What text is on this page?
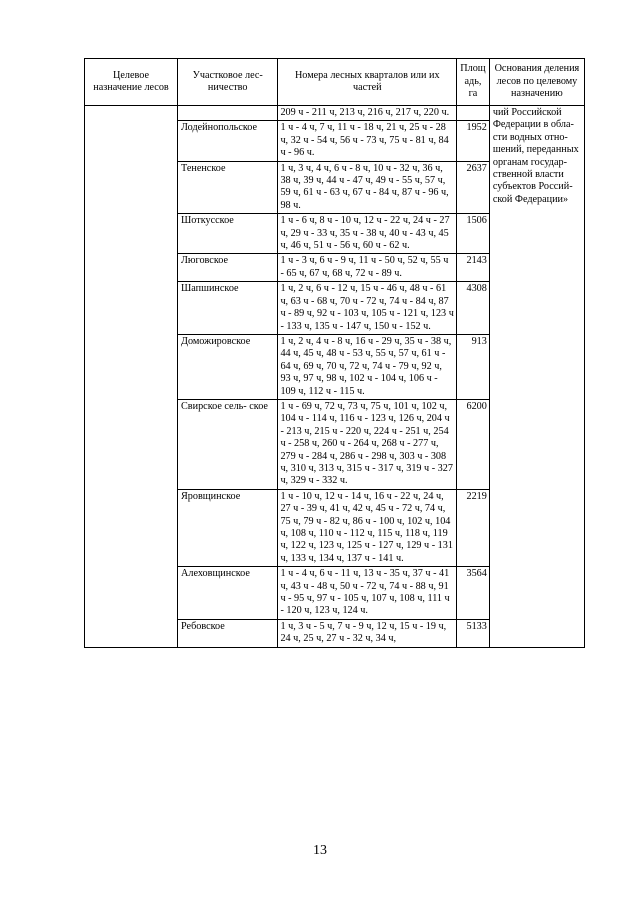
Целевое назначение лесов	Участковое лес- ничество	Номера лесных кварталов или их частей	Площадь, га	Основания деления лесов по целевому назначению
		209 ч - 211 ч, 213 ч, 216 ч, 217 ч, 220 ч.		чий Российской Федерации в обла- сти водных отно- шений, переданных органам государ- ственной власти субъектов Россий- ской Федерации»
	Лодейнопольское	1 ч - 4 ч, 7 ч, 11 ч - 18 ч, 21 ч, 25 ч - 28 ч, 32 ч - 54 ч, 56 ч - 73 ч, 75 ч - 81 ч, 84 ч - 96 ч.	1952	
	Тененское	1 ч, 3 ч, 4 ч, 6 ч - 8 ч, 10 ч - 32 ч, 36 ч, 38 ч, 39 ч, 44 ч - 47 ч, 49 ч - 55 ч, 57 ч, 59 ч, 61 ч - 63 ч, 67 ч - 84 ч, 87 ч - 96 ч, 98 ч.	2637	
	Шоткусское	1 ч - 6 ч, 8 ч - 10 ч, 12 ч - 22 ч, 24 ч - 27 ч, 29 ч - 33 ч, 35 ч - 38 ч, 40 ч - 43 ч, 45 ч, 46 ч, 51 ч - 56 ч, 60 ч - 62 ч.	1506	
	Люговское	1 ч - 3 ч, 6 ч - 9 ч, 11 ч - 50 ч, 52 ч, 55 ч - 65 ч, 67 ч, 68 ч, 72 ч - 89 ч.	2143	
	Шапшинское	1 ч, 2 ч, 6 ч - 12 ч, 15 ч - 46 ч, 48 ч - 61 ч, 63 ч - 68 ч, 70 ч - 72 ч, 74 ч - 84 ч, 87 ч - 89 ч, 92 ч - 103 ч, 105 ч - 121 ч, 123 ч - 133 ч, 135 ч - 147 ч, 150 ч - 152 ч.	4308	
	Доможировское	1 ч, 2 ч, 4 ч - 8 ч, 16 ч - 29 ч, 35 ч - 38 ч, 44 ч, 45 ч, 48 ч - 53 ч, 55 ч, 57 ч, 61 ч - 64 ч, 69 ч, 70 ч, 72 ч, 74 ч - 79 ч, 92 ч, 93 ч, 97 ч, 98 ч, 102 ч - 104 ч, 106 ч - 109 ч, 112 ч - 115 ч.	913	
	Свирское сель- ское	1 ч - 69 ч, 72 ч, 73 ч, 75 ч, 101 ч, 102 ч, 104 ч - 114 ч, 116 ч - 123 ч, 126 ч, 204 ч - 213 ч, 215 ч - 220 ч, 224 ч - 251 ч, 254 ч - 258 ч, 260 ч - 264 ч, 268 ч - 277 ч, 279 ч - 284 ч, 286 ч - 298 ч, 303 ч - 308 ч, 310 ч, 313 ч, 315 ч - 317 ч, 319 ч - 327 ч, 329 ч - 332 ч.	6200	
	Яровщинское	1 ч - 10 ч, 12 ч - 14 ч, 16 ч - 22 ч, 24 ч, 27 ч - 39 ч, 41 ч, 42 ч, 45 ч - 72 ч, 74 ч, 75 ч, 79 ч - 82 ч, 86 ч - 100 ч, 102 ч, 104 ч, 108 ч, 110 ч - 112 ч, 115 ч, 118 ч, 119 ч, 122 ч, 123 ч, 125 ч - 127 ч, 129 ч - 131 ч, 133 ч, 134 ч, 137 ч - 141 ч.	2219	
	Алеховщинское	1 ч - 4 ч, 6 ч - 11 ч, 13 ч - 35 ч, 37 ч - 41 ч, 43 ч - 48 ч, 50 ч - 72 ч, 74 ч - 88 ч, 91 ч - 95 ч, 97 ч - 105 ч, 107 ч, 108 ч, 111 ч - 120 ч, 123 ч, 124 ч.	3564	
	Ребовское	1 ч, 3 ч - 5 ч, 7 ч - 9 ч, 12 ч, 15 ч - 19 ч, 24 ч, 25 ч, 27 ч - 32 ч, 34 ч,	5133	
13
